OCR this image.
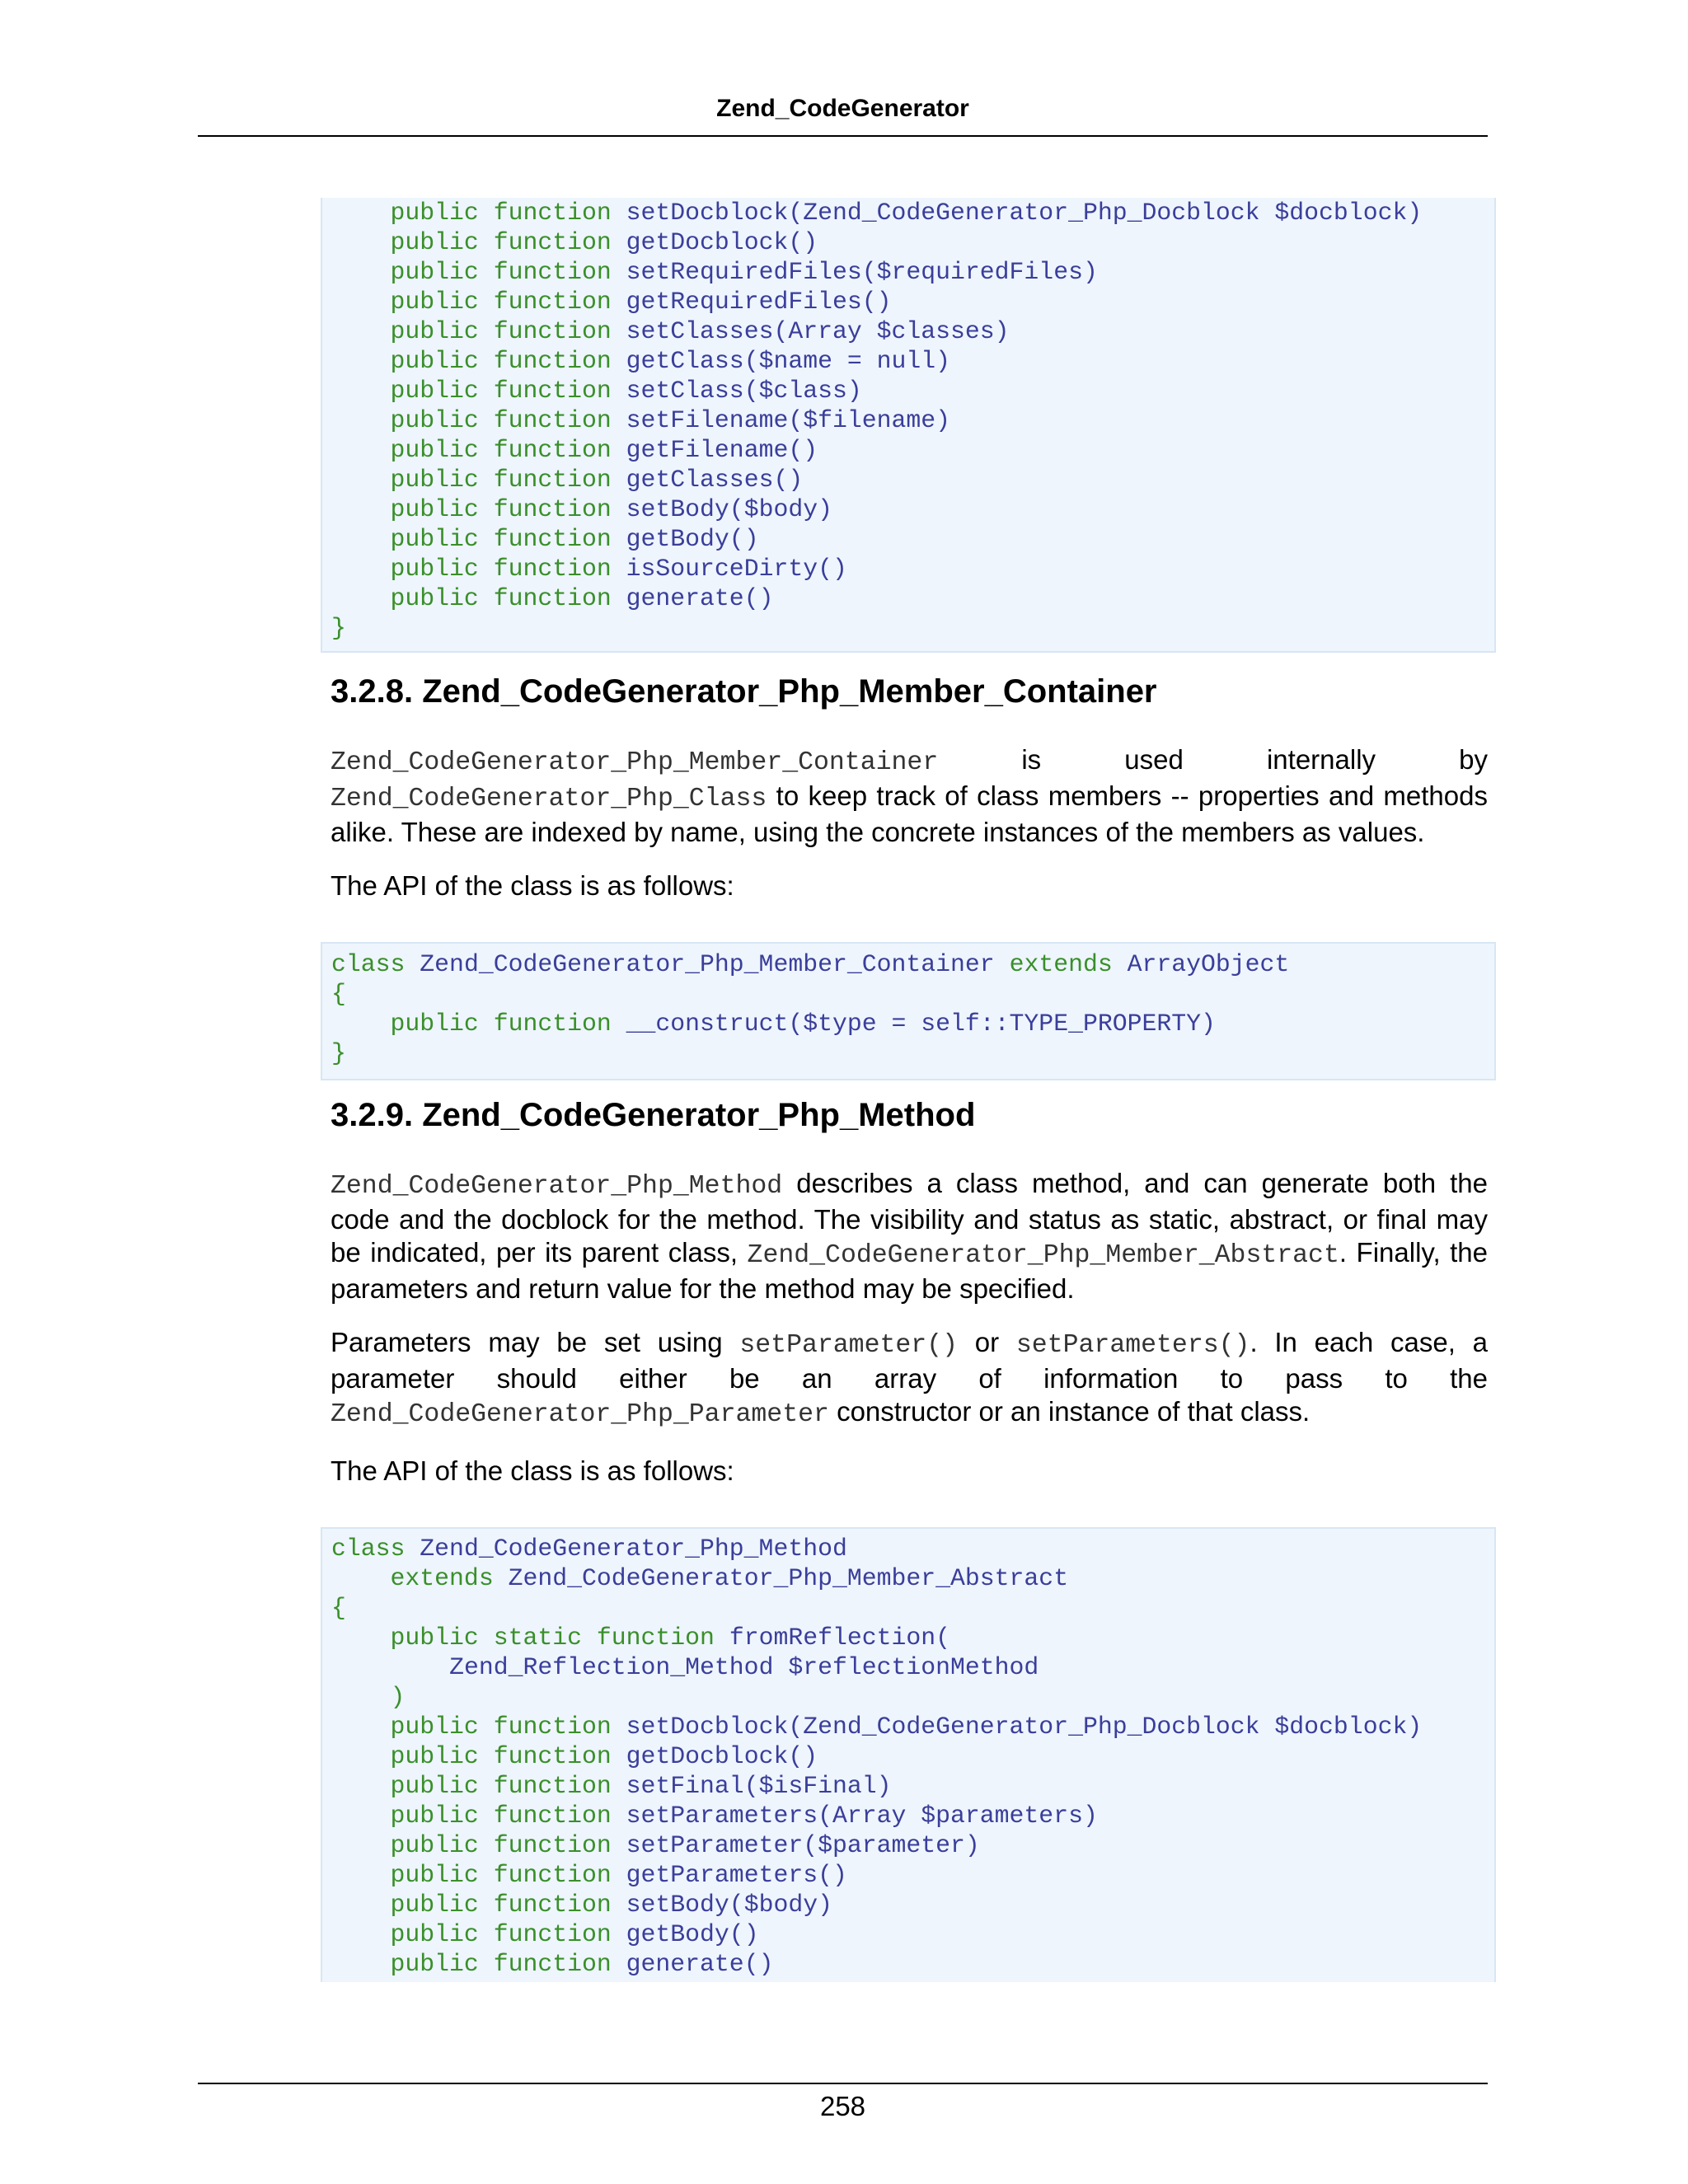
Zend_CodeGenerator
public function setDocblock(Zend_CodeGenerator_Php_Docblock $docblock)
public function getDocblock()
public function setRequiredFiles($requiredFiles)
public function getRequiredFiles()
public function setClasses(Array $classes)
public function getClass($name = null)
public function setClass($class)
public function setFilename($filename)
public function getFilename()
public function getClasses()
public function setBody($body)
public function getBody()
public function isSourceDirty()
public function generate()
}
3.2.8. Zend_CodeGenerator_Php_Member_Container

Zend_CodeGenerator_Php_Member_Container is used internally by Zend_CodeGenerator_Php_Class to keep track of class members -- properties and methods alike. These are indexed by name, using the concrete instances of the members as values.

The API of the class is as follows:

class Zend_CodeGenerator_Php_Member_Container extends ArrayObject
{
public function __construct($type = self::TYPE_PROPERTY)
}
3.2.9. Zend_CodeGenerator_Php_Method

Zend_CodeGenerator_Php_Method describes a class method, and can generate both the code and the docblock for the method. The visibility and status as static, abstract, or final may be indicated, per its parent class, Zend_CodeGenerator_Php_Member_Abstract. Finally, the parameters and return value for the method may be specified.

Parameters may be set using setParameter() or setParameters(). In each case, a parameter should either be an array of information to pass to the Zend_CodeGenerator_Php_Parameter constructor or an instance of that class.

The API of the class is as follows:

class Zend_CodeGenerator_Php_Method
extends Zend_CodeGenerator_Php_Member_Abstract
{
public static function fromReflection(
Zend_Reflection_Method $reflectionMethod
)
public function setDocblock(Zend_CodeGenerator_Php_Docblock $docblock)
public function getDocblock()
public function setFinal($isFinal)
public function setParameters(Array $parameters)
public function setParameter($parameter)
public function getParameters()
public function setBody($body)
public function getBody()
public function generate()
258
